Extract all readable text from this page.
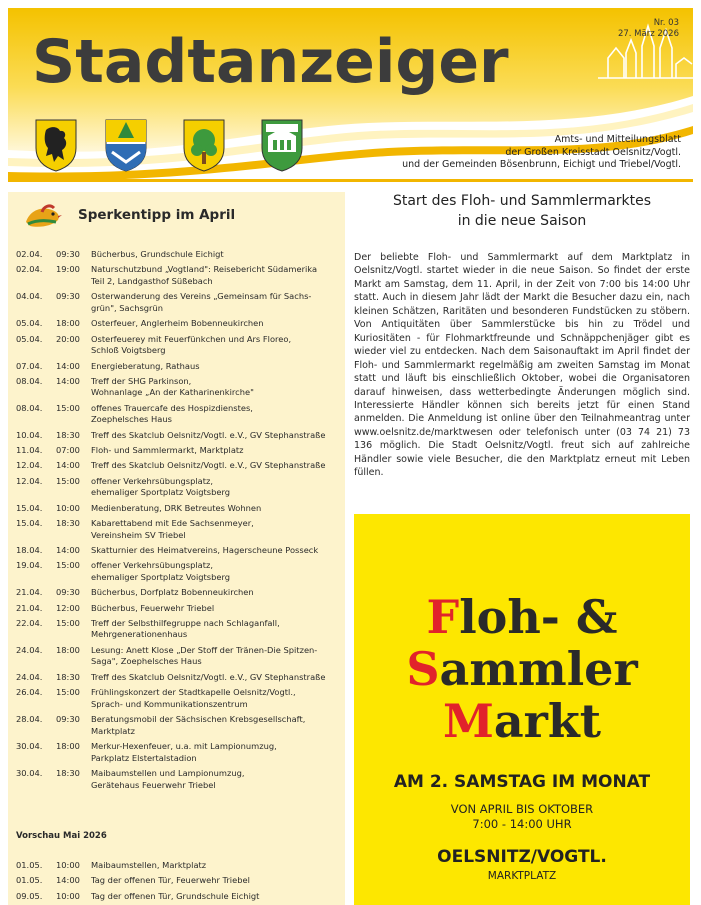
Stadtanzeiger
Nr. 03
27. März 2026
Amts- und Mitteilungsblatt
der Großen Kreisstadt Oelsnitz/Vogtl.
und der Gemeinden Bösenbrunn, Eichigt und Triebel/Vogtl.
Sperkentipp im April
02.04. 09:30 Bücherbus, Grundschule Eichigt
02.04. 19:00 Naturschutzbund „Vogtland": Reisebericht Südamerika
Teil 2, Landgasthof Süßebach
04.04. 09:30 Osterwanderung des Vereins „Gemeinsam für Sachs-
grün", Sachsgrün
05.04. 18:00 Osterfeuer, Anglerheim Bobenneukirchen
05.04. 20:00 Osterfeuerey mit Feuerfünkchen und Ars Floreo,
Schloß Voigtsberg
07.04. 14:00 Energieberatung, Rathaus
08.04. 14:00 Treff der SHG Parkinson,
Wohnanlage „An der Katharinenkirche"
08.04. 15:00 offenes Trauercafe des Hospizdienstes,
Zoephelsches Haus
10.04. 18:30 Treff des Skatclub Oelsnitz/Vogtl. e.V., GV Stephanstraße
11.04. 07:00 Floh- und Sammlermarkt, Marktplatz
12.04. 14:00 Treff des Skatclub Oelsnitz/Vogtl. e.V., GV Stephanstraße
12.04. 15:00 offener Verkehrsübungsplatz,
ehemaliger Sportplatz Voigtsberg
15.04. 10:00 Medienberatung, DRK Betreutes Wohnen
15.04. 18:30 Kabarettabend mit Ede Sachsenmeyer,
Vereinsheim SV Triebel
18.04. 14:00 Skatturnier des Heimatvereins, Hagerscheune Posseck
19.04. 15:00 offener Verkehrsübungsplatz,
ehemaliger Sportplatz Voigtsberg
21.04. 09:30 Bücherbus, Dorfplatz Bobenneukirchen
21.04. 12:00 Bücherbus, Feuerwehr Triebel
22.04. 15:00 Treff der Selbsthilfegruppe nach Schlaganfall,
Mehrgenerationenhaus
24.04. 18:00 Lesung: Anett Klose „Der Stoff der Tränen-Die Spitzen-
Saga", Zoephelsches Haus
24.04. 18:30 Treff des Skatclub Oelsnitz/Vogtl. e.V., GV Stephanstraße
26.04. 15:00 Frühlingskonzert der Stadtkapelle Oelsnitz/Vogtl.,
Sprach- und Kommunikationszentrum
28.04. 09:30 Beratungsmobil der Sächsischen Krebsgesellschaft,
Marktplatz
30.04. 18:00 Merkur-Hexenfeuer, u.a. mit Lampionumzug,
Parkplatz Elstertalstadion
30.04. 18:30 Maibaumstellen und Lampionumzug,
Gerätehaus Feuerwehr Triebel
Vorschau Mai 2026
01.05. 10:00 Maibaumstellen, Marktplatz
01.05. 14:00 Tag der offenen Tür, Feuerwehr Triebel
09.05. 10:00 Tag der offenen Tür, Grundschule Eichigt
Start des Floh- und Sammlermarktes
in die neue Saison

Der beliebte Floh- und Sammlermarkt auf dem Marktplatz in Oelsnitz/Vogtl. startet wieder in die neue Saison. So findet der erste Markt am Samstag, dem 11. April, in der Zeit von 7:00 bis 14:00 Uhr statt. Auch in diesem Jahr lädt der Markt die Besucher dazu ein, nach kleinen Schätzen, Raritäten und besonderen Fundstücken zu stöbern. Von Antiquitäten über Sammlerstücke bis hin zu Trödel und Kuriositäten - für Flohmarktfreunde und Schnäppchenjäger gibt es wieder viel zu entdecken. Nach dem Saisonauftakt im April findet der Floh- und Sammlermarkt regelmäßig am zweiten Samstag im Monat statt und läuft bis einschließlich Oktober, wobei die Organisatoren darauf hinweisen, dass wetterbedingte Änderungen möglich sind. Interessierte Händler können sich bereits jetzt für einen Stand anmelden. Die Anmeldung ist online über den Teilnahmeantrag unter www.oelsnitz.de/marktwesen oder telefonisch unter (03 74 21) 73 136 möglich. Die Stadt Oelsnitz/Vogtl. freut sich auf zahlreiche Händler sowie viele Besucher, die den Marktplatz erneut mit Leben füllen.

Floh- &
Sammler
Markt
AM 2. SAMSTAG IM MONAT
VON APRIL BIS OKTOBER
7:00 - 14:00 UHR
OELSNITZ/VOGTL.
MARKTPLATZ
